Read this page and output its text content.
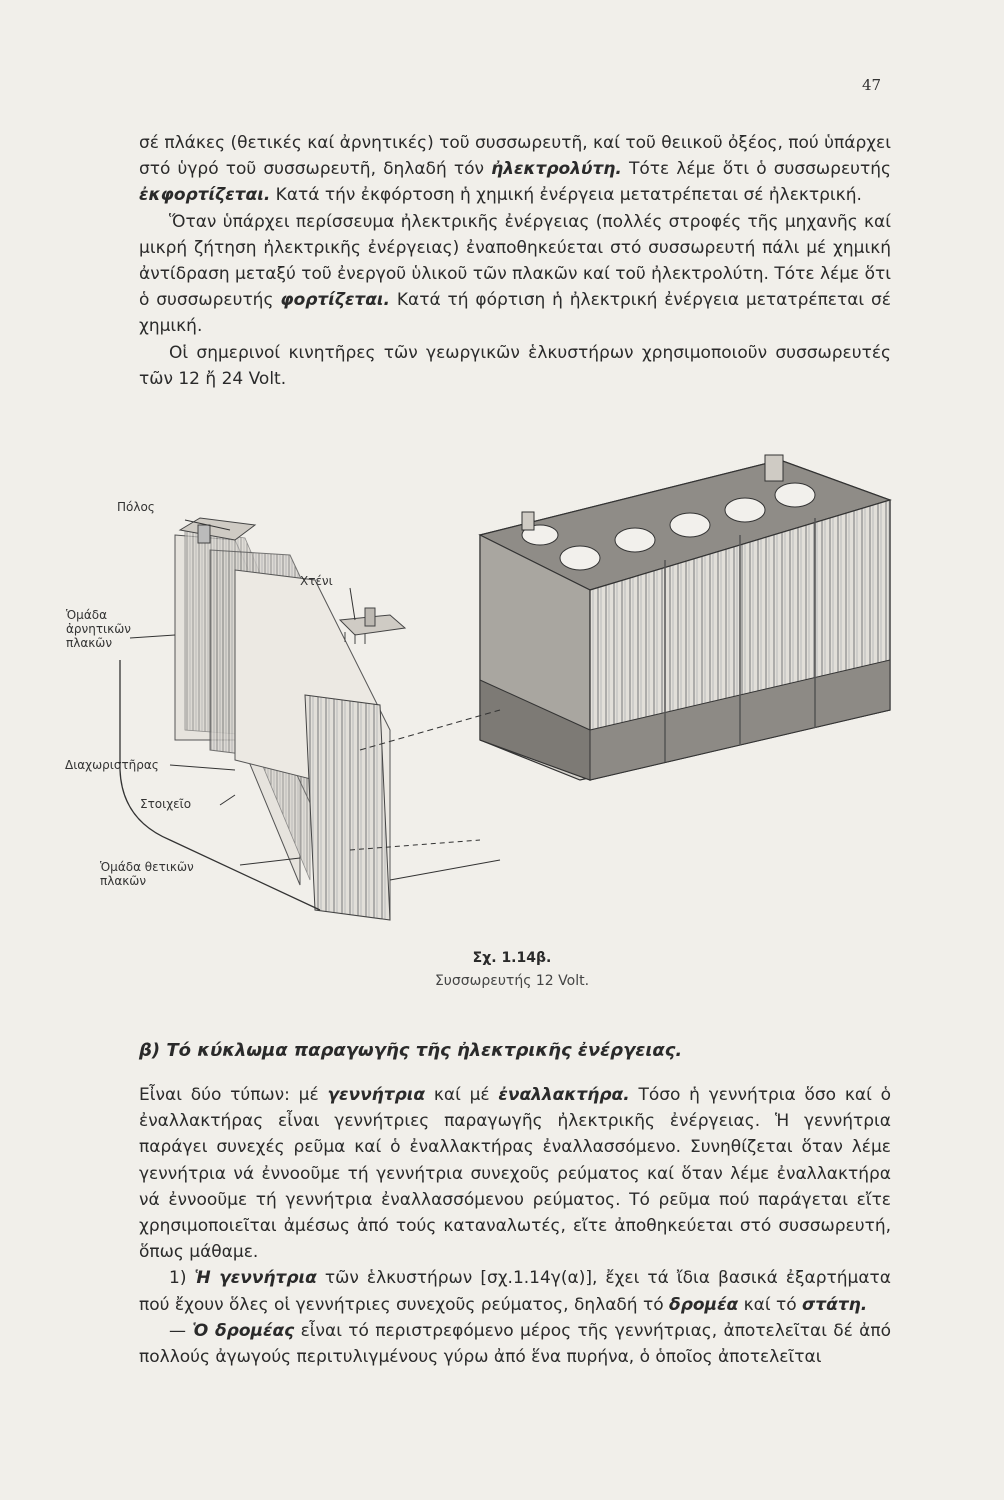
47

σέ πλάκες (θετικές καί ἀρνητικές) τοῦ συσσωρευτῆ, καί τοῦ θειικοῦ ὀξέος, πού ὑπάρχει στό ὑγρό τοῦ συσσωρευτῆ, δηλαδή τόν ἠλεκτρολύτη. Τότε λέμε ὅτι ὁ συσσωρευτής ἐκφορτίζεται. Κατά τήν ἐκφόρτοση ἡ χημική ἐνέργεια μετατρέπεται σέ ἠλεκτρική.

Ὅταν ὑπάρχει περίσσευμα ἠλεκτρικῆς ἐνέργειας (πολλές στροφές τῆς μηχανῆς καί μικρή ζήτηση ἠλεκτρικῆς ἐνέργειας) ἐναποθηκεύεται στό συσσωρευτή πάλι μέ χημική ἀντίδραση μεταξύ τοῦ ἐνεργοῦ ὑλικοῦ τῶν πλακῶν καί τοῦ ἠλεκτρολύτη. Τότε λέμε ὅτι ὁ συσσωρευτής φορτίζεται. Κατά τή φόρτιση ἡ ἠλεκτρική ἐνέργεια μετατρέπεται σέ χημική.

Οἱ σημερινοί κινητῆρες τῶν γεωργικῶν ἑλκυστήρων χρησιμοποιοῦν συσσωρευτές τῶν 12 ἤ 24 Volt.

Πόλος
Χτένι
Ὁμάδα ἀρνητικῶν πλακῶν
Διαχωριστῆρας
Στοιχεῖο
Ὁμάδα θετικῶν πλακῶν
Σχ. 1.14β.
Συσσωρευτής 12 Volt.
β) Τό κύκλωμα παραγωγῆς τῆς ἠλεκτρικῆς ἐνέργειας.

Εἶναι δύο τύπων: μέ γεννήτρια καί μέ ἐναλλακτήρα. Τόσο ἡ γεννήτρια ὅσο καί ὁ ἐναλλακτήρας εἶναι γεννήτριες παραγωγῆς ἠλεκτρικῆς ἐνέργειας. Ἡ γεννήτρια παράγει συνεχές ρεῦμα καί ὁ ἐναλλακτήρας ἐναλλασσόμενο. Συνηθίζεται ὅταν λέμε γεννήτρια νά ἐννοοῦμε τή γεννήτρια συνεχοῦς ρεύματος καί ὅταν λέμε ἐναλλακτήρα νά ἐννοοῦμε τή γεννήτρια ἐναλλασσόμενου ρεύματος. Τό ρεῦμα πού παράγεται εἴτε χρησιμοποιεῖται ἀμέσως ἀπό τούς καταναλωτές, εἴτε ἀποθηκεύεται στό συσσωρευτή, ὅπως μάθαμε.

1) Ἡ γεννήτρια τῶν ἑλκυστήρων [σχ.1.14γ(α)], ἔχει τά ἴδια βασικά ἐξαρτήματα πού ἔχουν ὅλες οἱ γεννήτριες συνεχοῦς ρεύματος, δηλαδή τό δρομέα καί τό στάτη.

— Ὁ δρομέας εἶναι τό περιστρεφόμενο μέρος τῆς γεννήτριας, ἀποτελεῖται δέ ἀπό πολλούς ἀγωγούς περιτυλιγμένους γύρω ἀπό ἕνα πυρήνα, ὁ ὁποῖος ἀποτελεῖται
